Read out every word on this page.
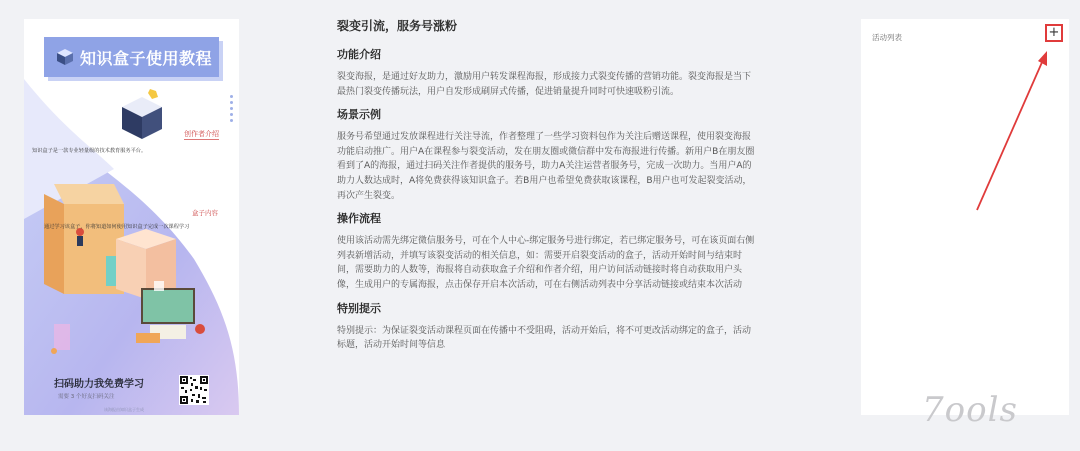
知识盒子使用教程
创作者介绍
知识盒子是一款专业轻量级的技术教育服务平台。
盒子内容
通过学习该盒子，你将知道如何使用知识盒子完成一次课程学习
扫码助力我免费学习
需要 3 个好友扫码关注
该海报由知识盒子生成
裂变引流，服务号涨粉
功能介绍

裂变海报，是通过好友助力，激励用户转发课程海报，形成接力式裂变传播的营销功能。裂变海报是当下最热门裂变传播玩法，用户自发形成刷屏式传播，促进销量提升同时可快速吸粉引流。

场景示例

服务号希望通过发放课程进行关注导流，作者整理了一些学习资料包作为关注后赠送课程，使用裂变海报功能启动推广。用户A在课程参与裂变活动，发在朋友圈或微信群中发布海报进行传播。新用户B在朋友圈看到了A的海报，通过扫码关注作者提供的服务号，助力A关注运营者服务号，完成一次助力。当用户A的助力人数达成时，A将免费获得该知识盒子。若B用户也希望免费获取该课程，B用户也可发起裂变活动，再次产生裂变。

操作流程

使用该活动需先绑定微信服务号，可在个人中心-绑定服务号进行绑定，若已绑定服务号，可在该页面右侧列表新增活动，并填写该裂变活动的相关信息，如：需要开启裂变活动的盒子，活动开始时间与结束时间，需要助力的人数等，海报将自动获取盒子介绍和作者介绍，用户访问活动链接时将自动获取用户头像，生成用户的专属海报，点击保存开启本次活动，可在右侧活动列表中分享活动链接或结束本次活动

特别提示

特别提示：为保证裂变活动课程页面在传播中不受阻碍，活动开始后，将不可更改活动绑定的盒子，活动标题，活动开始时间等信息

活动列表	+
7ools
